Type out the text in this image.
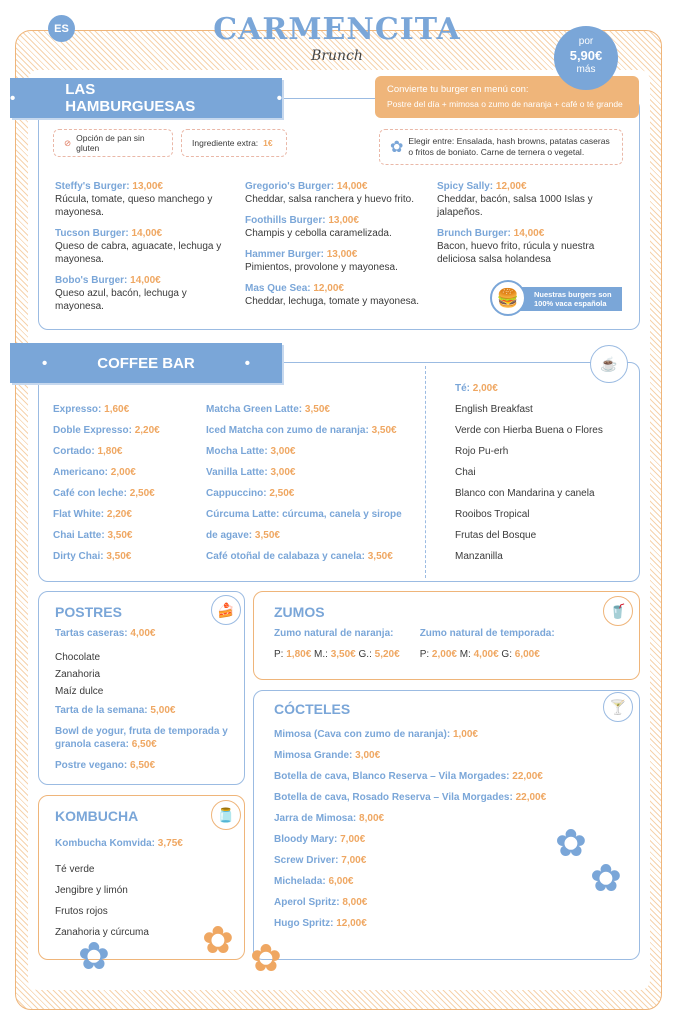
ES	CARMENCITA
Brunch
por
5,90€
más
•	LAS HAMBURGUESAS	•	Convierte tu burger en menú con:
Postre del día + mimosa o zumo de naranja + café o té grande
⊘ Opción de pan sin gluten	Ingrediente extra: 1€	✿ Elegir entre: Ensalada, hash browns, patatas caseras o fritos de boniato. Carne de ternera o vegetal.
Steffy's Burger: 13,00€
Rúcula, tomate, queso manchego y mayonesa.
Tucson Burger: 14,00€
Queso de cabra, aguacate, lechuga y mayonesa.
Bobo's Burger: 14,00€
Queso azul, bacón, lechuga y mayonesa.
Gregorio's Burger: 14,00€
Cheddar, salsa ranchera y huevo frito.
Foothills Burger: 13,00€
Champis y cebolla caramelizada.
Hammer Burger: 13,00€
Pimientos, provolone y mayonesa.
Mas Que Sea: 12,00€
Cheddar, lechuga, tomate y mayonesa.
Spicy Sally: 12,00€
Cheddar, bacón, salsa 1000 Islas y jalapeños.
Brunch Burger: 14,00€
Bacon, huevo frito, rúcula y nuestra deliciosa salsa holandesa
🍔	Nuestras burgers son 100% vaca española
•	COFFEE BAR	•	☕
Expresso: 1,60€
Doble Expresso: 2,20€
Cortado: 1,80€
Americano: 2,00€
Café con leche: 2,50€
Flat White: 2,20€
Chai Latte: 3,50€
Dirty Chai: 3,50€
Matcha Green Latte: 3,50€
Iced Matcha con zumo de naranja: 3,50€
Mocha Latte: 3,00€
Vanilla Latte: 3,00€
Cappuccino: 2,50€
Cúrcuma Latte: cúrcuma, canela y sirope
de agave: 3,50€
Café otoñal de calabaza y canela: 3,50€
Té: 2,00€
English Breakfast
Verde con Hierba Buena o Flores
Rojo Pu-erh
Chai
Blanco con Mandarina y canela
Rooibos Tropical
Frutas del Bosque
Manzanilla
POSTRES
Tartas caseras: 4,00€
Chocolate
Zanahoria
Maíz dulce
Tarta de la semana: 5,00€
Bowl de yogur, fruta de temporada y granola casera: 6,50€
Postre vegano: 6,50€
🍰	ZUMOS
Zumo natural de naranja:
P: 1,80€ M.: 3,50€ G.: 5,20€
Zumo natural de temporada:
P: 2,00€ M: 4,00€ G: 6,00€
🥤
CÓCTELES
Mimosa (Cava con zumo de naranja): 1,00€
Mimosa Grande: 3,00€
Botella de cava, Blanco Reserva – Vila Morgades: 22,00€
Botella de cava, Rosado Reserva – Vila Morgades: 22,00€
Jarra de Mimosa: 8,00€
Bloody Mary: 7,00€
Screw Driver: 7,00€
Michelada: 6,00€
Aperol Spritz: 8,00€
Hugo Spritz: 12,00€
🍸
✿
✿
KOMBUCHA
Kombucha Komvida: 3,75€
Té verde
Jengibre y limón
Frutos rojos
Zanahoria y cúrcuma
🫙
✿ ✿ ✿
